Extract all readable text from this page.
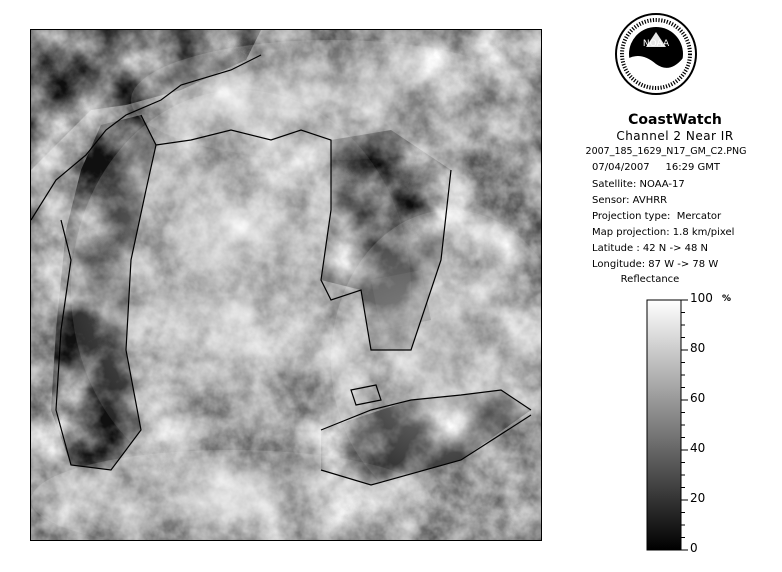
NOAA
CoastWatch
Channel 2 Near IR
2007_185_1629_N17_GM_C2.PNG
07/04/2007 16:29 GMT
Satellite: NOAA-17
Sensor: AVHRR
Projection type: Mercator
Map projection: 1.8 km/pixel
Latitude : 42 N -> 48 N
Longitude: 87 W -> 78 W
Reflectance
%
100
80
60
40
20
0
